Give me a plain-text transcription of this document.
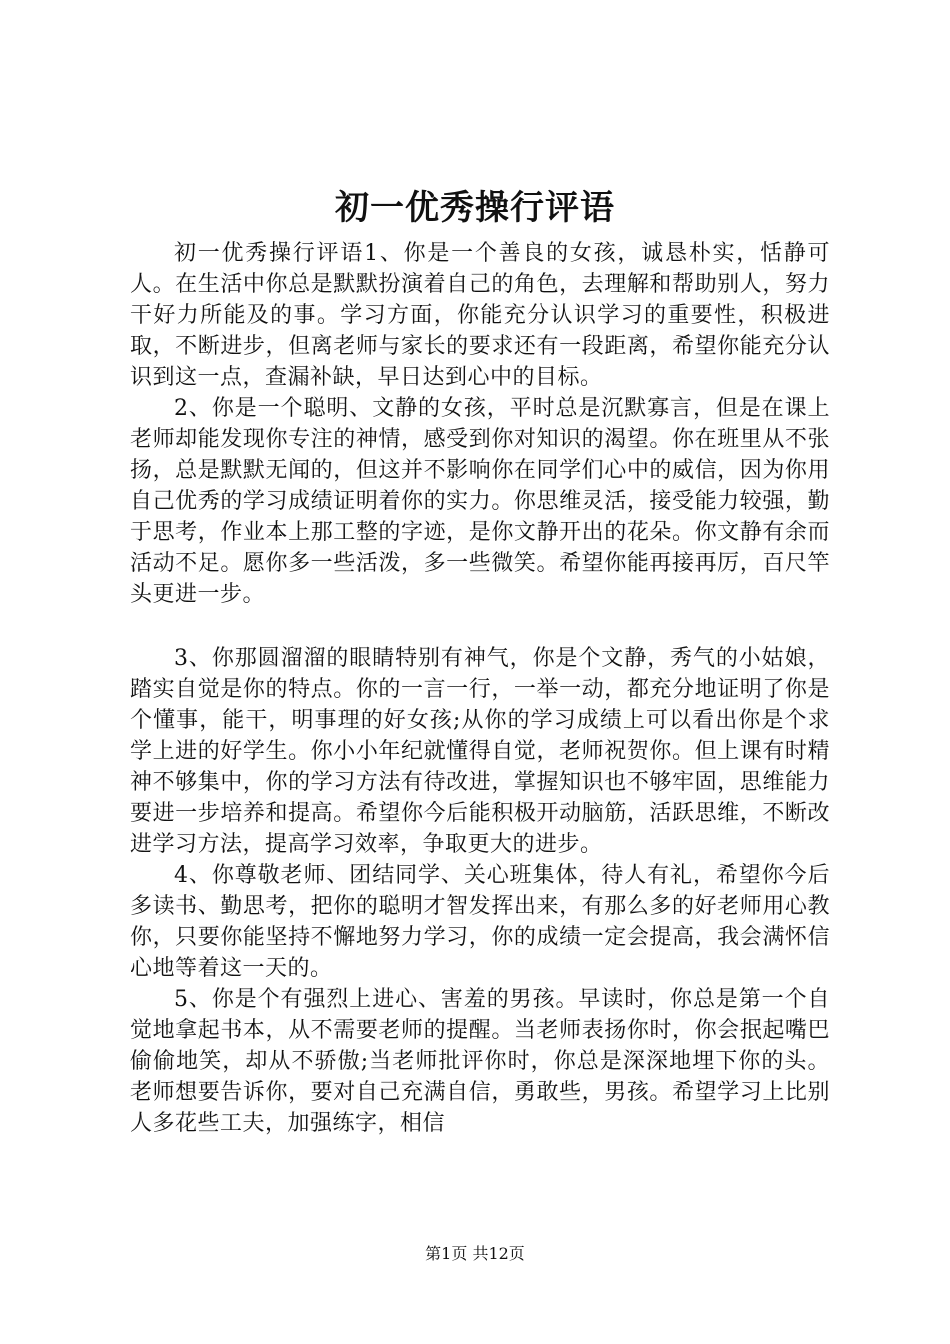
初一优秀操行评语

初一优秀操行评语1、你是一个善良的女孩，诚恳朴实，恬静可人。在生活中你总是默默扮演着自己的角色，去理解和帮助别人，努力干好力所能及的事。学习方面，你能充分认识学习的重要性，积极进取，不断进步，但离老师与家长的要求还有一段距离，希望你能充分认识到这一点，查漏补缺，早日达到心中的目标。

2、你是一个聪明、文静的女孩，平时总是沉默寡言，但是在课上老师却能发现你专注的神情，感受到你对知识的渴望。你在班里从不张扬，总是默默无闻的，但这并不影响你在同学们心中的威信，因为你用自己优秀的学习成绩证明着你的实力。你思维灵活，接受能力较强，勤于思考，作业本上那工整的字迹，是你文静开出的花朵。你文静有余而活动不足。愿你多一些活泼，多一些微笑。希望你能再接再厉，百尺竿头更进一步。

3、你那圆溜溜的眼睛特别有神气，你是个文静，秀气的小姑娘，踏实自觉是你的特点。你的一言一行，一举一动，都充分地证明了你是个懂事，能干，明事理的好女孩;从你的学习成绩上可以看出你是个求学上进的好学生。你小小年纪就懂得自觉，老师祝贺你。但上课有时精神不够集中，你的学习方法有待改进，掌握知识也不够牢固，思维能力要进一步培养和提高。希望你今后能积极开动脑筋，活跃思维，不断改进学习方法，提高学习效率，争取更大的进步。

4、你尊敬老师、团结同学、关心班集体，待人有礼，希望你今后多读书、勤思考，把你的聪明才智发挥出来，有那么多的好老师用心教你，只要你能坚持不懈地努力学习，你的成绩一定会提高，我会满怀信心地等着这一天的。

5、你是个有强烈上进心、害羞的男孩。早读时，你总是第一个自觉地拿起书本，从不需要老师的提醒。当老师表扬你时，你会抿起嘴巴偷偷地笑，却从不骄傲;当老师批评你时，你总是深深地埋下你的头。老师想要告诉你，要对自己充满自信，勇敢些，男孩。希望学习上比别人多花些工夫，加强练字，相信

第1页 共12页
